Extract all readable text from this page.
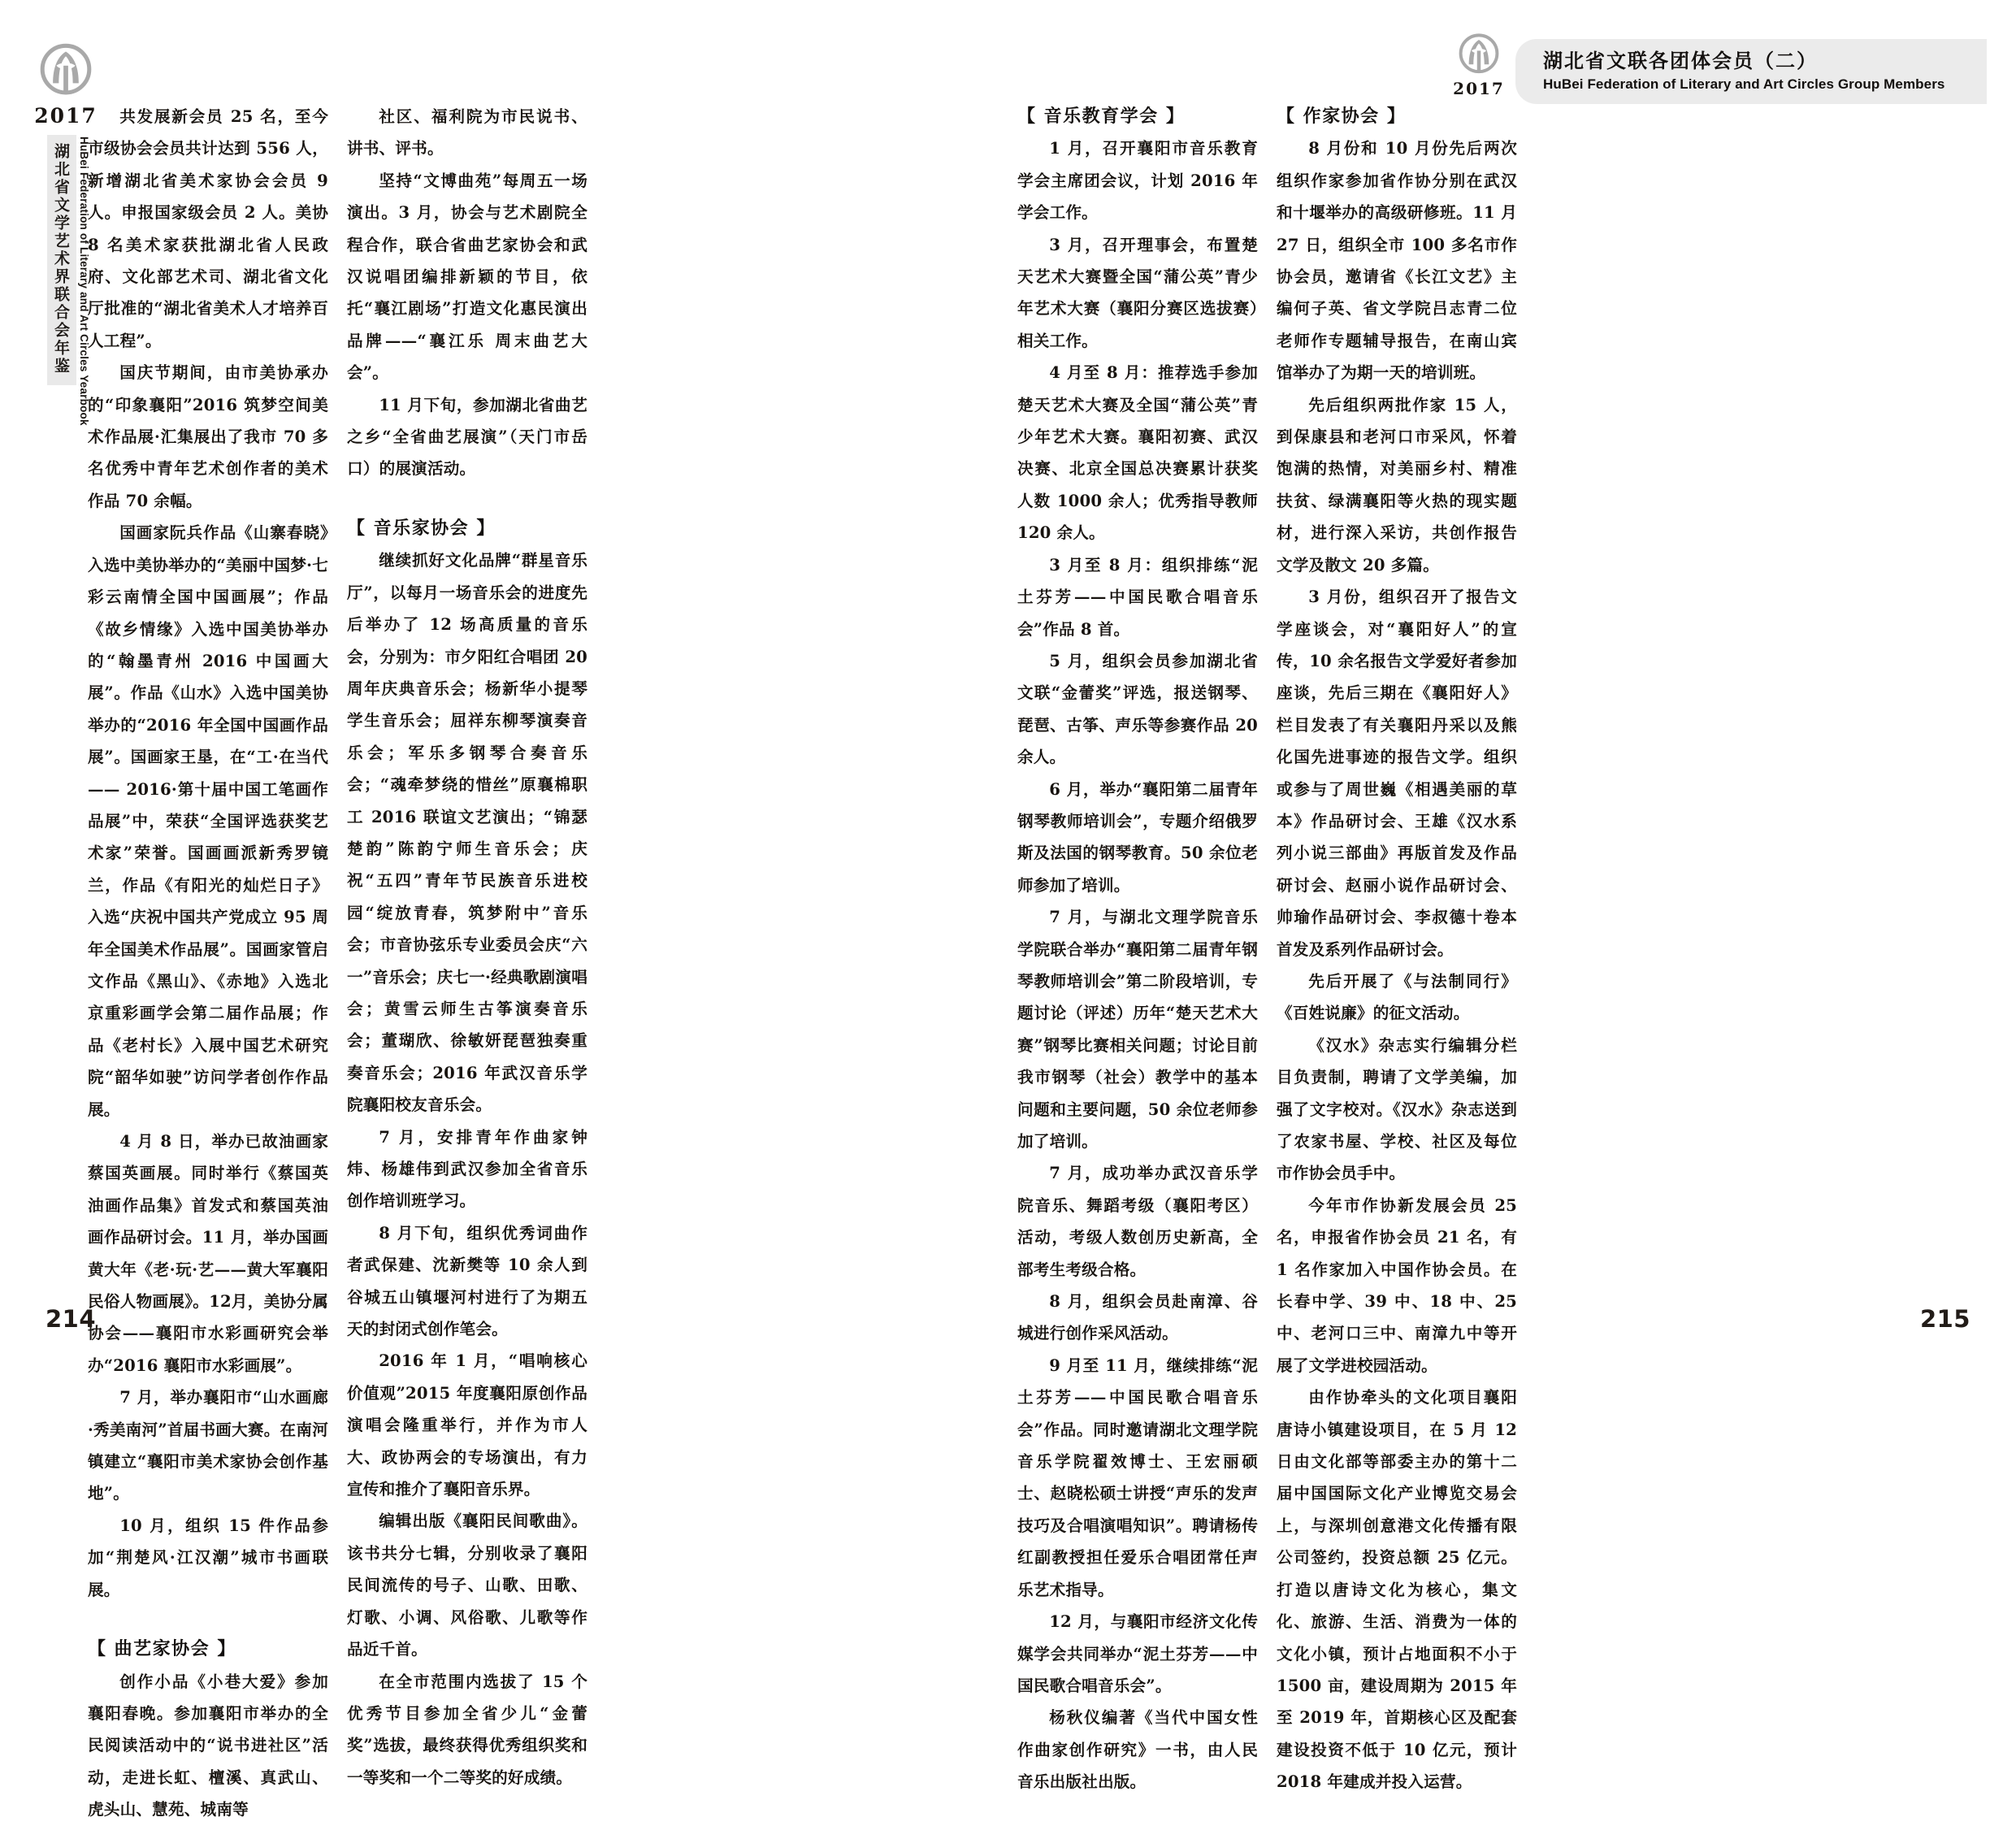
2017
湖北省文学艺术界联合会年鉴 HuBei Federation of Literary and Art Circles Yearbook

共发展新会员 25 名，至今市级协会会员共计达到 556 人，新增湖北省美术家协会会员 9 人。申报国家级会员 2 人。美协 8 名美术家获批湖北省人民政府、文化部艺术司、湖北省文化厅批准的“湖北省美术人才培养百人工程”。

国庆节期间，由市美协承办的“印象襄阳”2016 筑梦空间美术作品展·汇集展出了我市 70 多名优秀中青年艺术创作者的美术作品 70 余幅。

国画家阮兵作品《山寨春晓》入选中美协举办的“美丽中国梦·七彩云南情全国中国画展”；作品《故乡情缘》入选中国美协举办的“翰墨青州 2016 中国画大展”。作品《山水》入选中国美协举办的“2016 年全国中国画作品展”。国画家王垦，在“工·在当代 —— 2016·第十届中国工笔画作品展”中，荣获“全国评选获奖艺术家”荣誉。国画画派新秀罗镜兰，作品《有阳光的灿烂日子》入选“庆祝中国共产党成立 95 周年全国美术作品展”。国画家管启文作品《黑山》、《赤地》入选北京重彩画学会第二届作品展；作品《老村长》入展中国艺术研究院“韶华如驶”访问学者创作作品展。

4 月 8 日，举办已故油画家蔡国英画展。同时举行《蔡国英油画作品集》首发式和蔡国英油画作品研讨会。11 月，举办国画黄大年《老·玩·艺——黄大军襄阳民俗人物画展》。12月，美协分属协会——襄阳市水彩画研究会举办“2016 襄阳市水彩画展”。

7 月，举办襄阳市“山水画廊·秀美南河”首届书画大赛。在南河镇建立“襄阳市美术家协会创作基地”。

10 月，组织 15 件作品参加“荆楚风·江汉潮”城市书画联展。

【 曲艺家协会 】

创作小品《小巷大爱》参加襄阳春晚。参加襄阳市举办的全民阅读活动中的“说书进社区”活动，走进长虹、檀溪、真武山、虎头山、慧苑、城南等

社区、福利院为市民说书、讲书、评书。

坚持“文博曲苑”每周五一场演出。3 月，协会与艺术剧院全程合作，联合省曲艺家协会和武汉说唱团编排新颖的节目，依托“襄江剧场”打造文化惠民演出品牌——“襄江乐 周末曲艺大会”。

11 月下旬，参加湖北省曲艺之乡“全省曲艺展演”（天门市岳口）的展演活动。

【 音乐家协会 】

继续抓好文化品牌“群星音乐厅”，以每月一场音乐会的进度先后举办了 12 场高质量的音乐会，分别为：市夕阳红合唱团 20 周年庆典音乐会；杨新华小提琴学生音乐会；屈祥东柳琴演奏音乐会；军乐多钢琴合奏音乐会；“魂牵梦绕的惜丝”原襄棉职工 2016 联谊文艺演出；“锦瑟楚韵”陈韵宁师生音乐会；庆祝“五四”青年节民族音乐进校园“绽放青春，筑梦附中”音乐会；市音协弦乐专业委员会庆“六一”音乐会；庆七一·经典歌剧演唱会；黄雪云师生古筝演奏音乐会；董瑚欣、徐敏妍琵琶独奏重奏音乐会；2016 年武汉音乐学院襄阳校友音乐会。

7 月，安排青年作曲家钟炜、杨雄伟到武汉参加全省音乐创作培训班学习。

8 月下旬，组织优秀词曲作者武保建、沈新樊等 10 余人到谷城五山镇堰河村进行了为期五天的封闭式创作笔会。

2016 年 1 月，“唱响核心价值观”2015 年度襄阳原创作品演唱会隆重举行，并作为市人大、政协两会的专场演出，有力宣传和推介了襄阳音乐界。

编辑出版《襄阳民间歌曲》。该书共分七辑，分别收录了襄阳民间流传的号子、山歌、田歌、灯歌、小调、风俗歌、儿歌等作品近千首。

在全市范围内选拔了 15 个优秀节目参加全省少儿“金蕾奖”选拔，最终获得优秀组织奖和一等奖和一个二等奖的好成绩。

214
2017
湖北省文联各团体会员（二）
HuBei Federation of Literary and Art Circles Group Members
【 音乐教育学会 】

1 月，召开襄阳市音乐教育学会主席团会议，计划 2016 年学会工作。

3 月，召开理事会，布置楚天艺术大赛暨全国“蒲公英”青少年艺术大赛（襄阳分赛区选拔赛）相关工作。

4 月至 8 月：推荐选手参加楚天艺术大赛及全国“蒲公英”青少年艺术大赛。襄阳初赛、武汉决赛、北京全国总决赛累计获奖人数 1000 余人；优秀指导教师 120 余人。

3 月至 8 月：组织排练“泥土芬芳——中国民歌合唱音乐会”作品 8 首。

5 月，组织会员参加湖北省文联“金蕾奖”评选，报送钢琴、琵琶、古筝、声乐等参赛作品 20 余人。

6 月，举办“襄阳第二届青年钢琴教师培训会”，专题介绍俄罗斯及法国的钢琴教育。50 余位老师参加了培训。

7 月，与湖北文理学院音乐学院联合举办“襄阳第二届青年钢琴教师培训会”第二阶段培训，专题讨论（评述）历年“楚天艺术大赛”钢琴比赛相关问题；讨论目前我市钢琴（社会）教学中的基本问题和主要问题，50 余位老师参加了培训。

7 月，成功举办武汉音乐学院音乐、舞蹈考级（襄阳考区）活动，考级人数创历史新高，全部考生考级合格。

8 月，组织会员赴南漳、谷城进行创作采风活动。

9 月至 11 月，继续排练“泥土芬芳——中国民歌合唱音乐会”作品。同时邀请湖北文理学院音乐学院翟效博士、王宏丽硕士、赵晓松硕士讲授“声乐的发声技巧及合唱演唱知识”。聘请杨传红副教授担任爱乐合唱团常任声乐艺术指导。

12 月，与襄阳市经济文化传媒学会共同举办“泥土芬芳——中国民歌合唱音乐会”。

杨秋仪编著《当代中国女性作曲家创作研究》一书，由人民音乐出版社出版。

【 作家协会 】

8 月份和 10 月份先后两次组织作家参加省作协分别在武汉和十堰举办的高级研修班。11 月 27 日，组织全市 100 多名市作协会员，邀请省《长江文艺》主编何子英、省文学院吕志青二位老师作专题辅导报告，在南山宾馆举办了为期一天的培训班。

先后组织两批作家 15 人，到保康县和老河口市采风，怀着饱满的热情，对美丽乡村、精准扶贫、绿满襄阳等火热的现实题材，进行深入采访，共创作报告文学及散文 20 多篇。

3 月份，组织召开了报告文学座谈会，对“襄阳好人”的宣传，10 余名报告文学爱好者参加座谈，先后三期在《襄阳好人》栏目发表了有关襄阳丹采以及熊化国先进事迹的报告文学。组织或参与了周世巍《相遇美丽的草本》作品研讨会、王雄《汉水系列小说三部曲》再版首发及作品研讨会、赵丽小说作品研讨会、帅瑜作品研讨会、李叔德十卷本首发及系列作品研讨会。

先后开展了《与法制同行》《百姓说廉》的征文活动。

《汉水》杂志实行编辑分栏目负责制，聘请了文学美编，加强了文字校对。《汉水》杂志送到了农家书屋、学校、社区及每位市作协会员手中。

今年市作协新发展会员 25 名，申报省作协会员 21 名，有 1 名作家加入中国作协会员。在长春中学、39 中、18 中、25 中、老河口三中、南漳九中等开展了文学进校园活动。

由作协牵头的文化项目襄阳唐诗小镇建设项目，在 5 月 12 日由文化部等部委主办的第十二届中国国际文化产业博览交易会上，与深圳创意港文化传播有限公司签约，投资总额 25 亿元。打造以唐诗文化为核心，集文化、旅游、生活、消费为一体的文化小镇，预计占地面积不小于 1500 亩，建设周期为 2015 年至 2019 年，首期核心区及配套建设投资不低于 10 亿元，预计 2018 年建成并投入运营。

215
